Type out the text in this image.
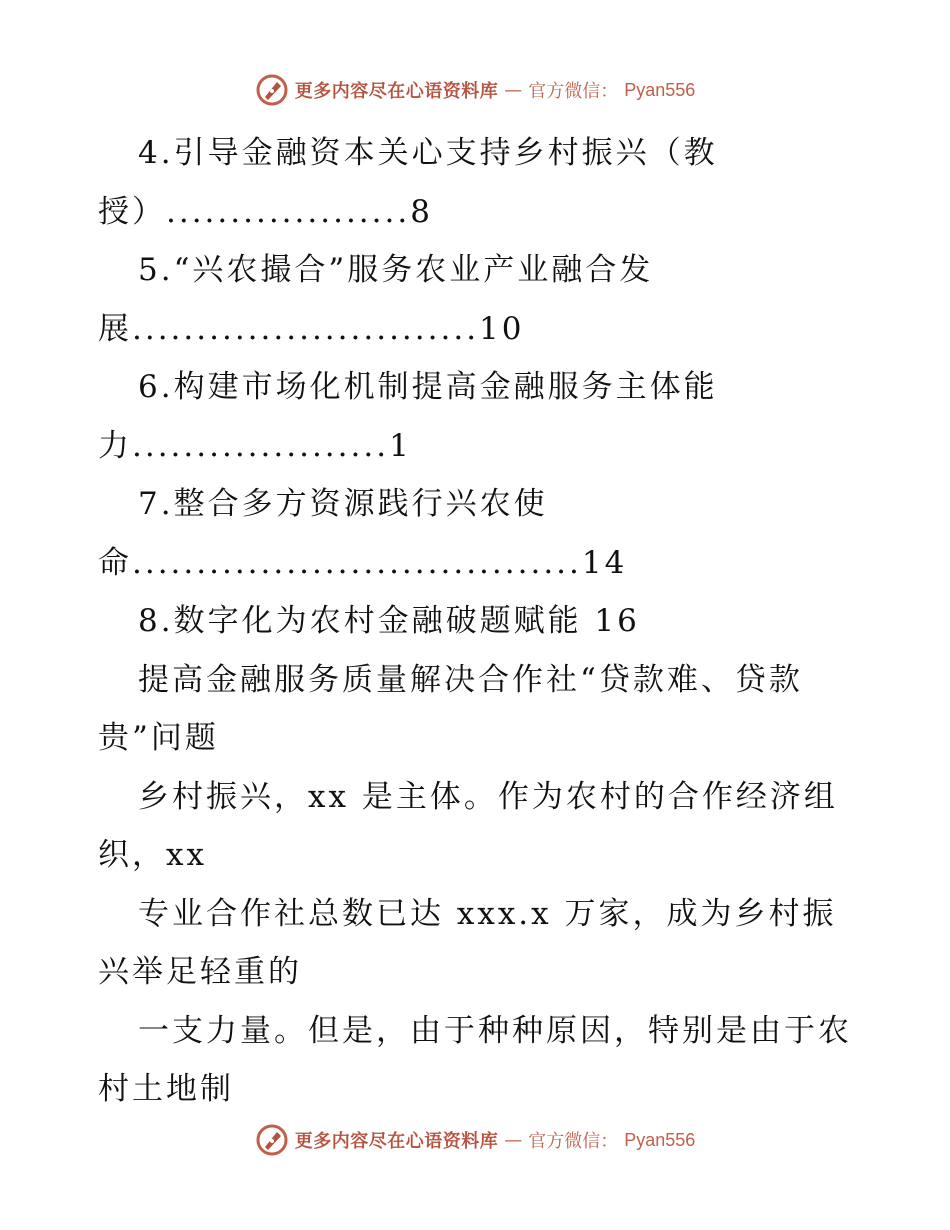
更多内容尽在心语资料库 — 官方微信： Pyan556
4.引导金融资本关心支持乡村振兴（教
授）...................8
5.“兴农撮合”服务农业产业融合发
展...........................10
6.构建市场化机制提高金融服务主体能
力....................1
7.整合多方资源践行兴农使
命...................................14
8.数字化为农村金融破题赋能 16
提高金融服务质量解决合作社“贷款难、贷款
贵”问题
乡村振兴，xx 是主体。作为农村的合作经济组
织，xx
专业合作社总数已达 xxx.x 万家，成为乡村振
兴举足轻重的
一支力量。但是，由于种种原因，特别是由于农
村土地制
更多内容尽在心语资料库 — 官方微信： Pyan556
